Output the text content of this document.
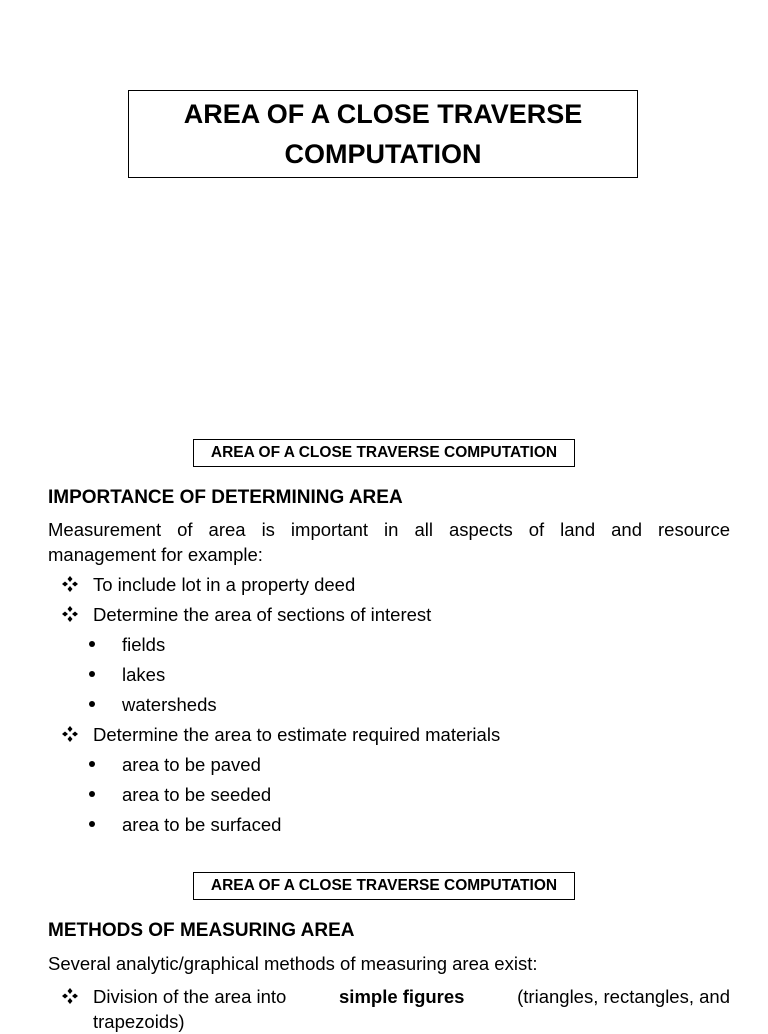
AREA OF A CLOSE TRAVERSE COMPUTATION
AREA OF A CLOSE TRAVERSE COMPUTATION
IMPORTANCE OF DETERMINING AREA
Measurement of area is important in all aspects of land and resource
management for example:
To include lot in a property deed
Determine the area of sections of interest
fields
lakes
watersheds
Determine the area to estimate required materials
area to be paved
area to be seeded
area to be surfaced
AREA OF A CLOSE TRAVERSE COMPUTATION
METHODS OF MEASURING AREA
Several analytic/graphical methods of measuring area exist:
Division of the area into	simple figures	(triangles, rectangles, and
trapezoids)
